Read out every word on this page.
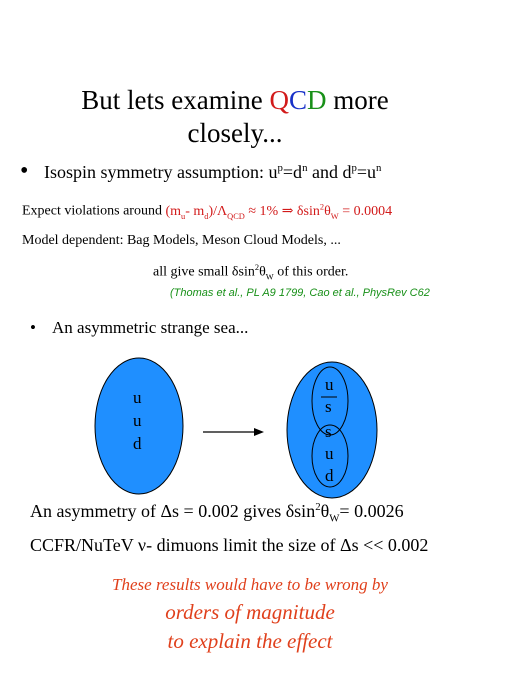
But lets examine QCD more
closely...
• Isospin symmetry assumption: $u^p=d^n$ and $d^p=u^n$
Expect violations around ($m_u-$ $m_d)/\Lambda_{QCD} \approx 1\%$ ⇒ $\delta\sin^2\theta_W = 0.0004$
Model dependent: Bag Models, Meson Cloud Models, ...
all give small $\delta\sin^2\theta_W$ of this order.
(Thomas et al., PL A9 1799, Cao et al., PhysRev C62
• An asymmetric strange sea...
u
u
d
u
s
s
u
d
An asymmetry of Δs = 0.002 gives $\delta\sin^2\theta_W= 0.0026$
CCFR/NuTeV ν- dimuons limit the size of Δs << 0.002
These results would have to be wrong by
orders of magnitude
to explain the effect
